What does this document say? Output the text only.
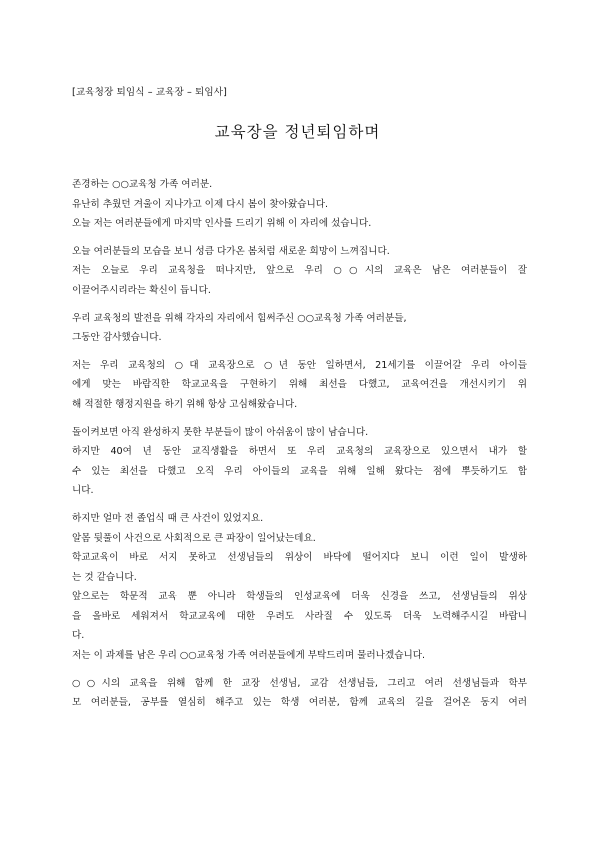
[교육청장 퇴임식 – 교육장 – 퇴임사]
교육장을 정년퇴임하며
존경하는 ○○교육청 가족 여러분.
유난히 추웠던 겨울이 지나가고 이제 다시 봄이 찾아왔습니다.
오늘 저는 여러분들에게 마지막 인사를 드리기 위해 이 자리에 섰습니다.
오늘 여러분들의 모습을 보니 성큼 다가온 봄처럼 새로운 희망이 느껴집니다.
저는 오늘로 우리 교육청을 떠나지만, 앞으로 우리 ○○시의 교육은 남은 여러분들이 잘
이끌어주시리라는 확신이 듭니다.
우리 교육청의 발전을 위해 각자의 자리에서 힘써주신 ○○교육청 가족 여러분들,
그동안 감사했습니다.
저는 우리 교육청의 ○대 교육장으로 ○년 동안 일하면서, 21세기를 이끌어갈 우리 아이들
에게 맞는 바람직한 학교교육을 구현하기 위해 최선을 다했고, 교육여건을 개선시키기 위
해 적절한 행정지원을 하기 위해 항상 고심해왔습니다.
돌이켜보면 아직 완성하지 못한 부분들이 많이 아쉬움이 많이 남습니다.
하지만 40여 년 동안 교직생활을 하면서 또 우리 교육청의 교육장으로 있으면서 내가 할
수 있는 최선을 다했고 오직 우리 아이들의 교육을 위해 일해 왔다는 점에 뿌듯하기도 합
니다.
하지만 얼마 전 졸업식 때 큰 사건이 있었지요.
알몸 뒷풀이 사건으로 사회적으로 큰 파장이 일어났는데요.
학교교육이 바로 서지 못하고 선생님들의 위상이 바닥에 떨어지다 보니 이런 일이 발생하
는 것 같습니다.
앞으로는 학문적 교육 뿐 아니라 학생들의 인성교육에 더욱 신경을 쓰고, 선생님들의 위상
을 올바로 세워져서 학교교육에 대한 우려도 사라질 수 있도록 더욱 노력해주시길 바랍니
다.
저는 이 과제를 남은 우리 ○○교육청 가족 여러분들에게 부탁드리며 물러나겠습니다.
○○시의 교육을 위해 함께 한 교장 선생님, 교감 선생님들, 그리고 여러 선생님들과 학부
모 여러분들, 공부를 열심히 해주고 있는 학생 여러분, 함께 교육의 길을 걸어온 동지 여러
